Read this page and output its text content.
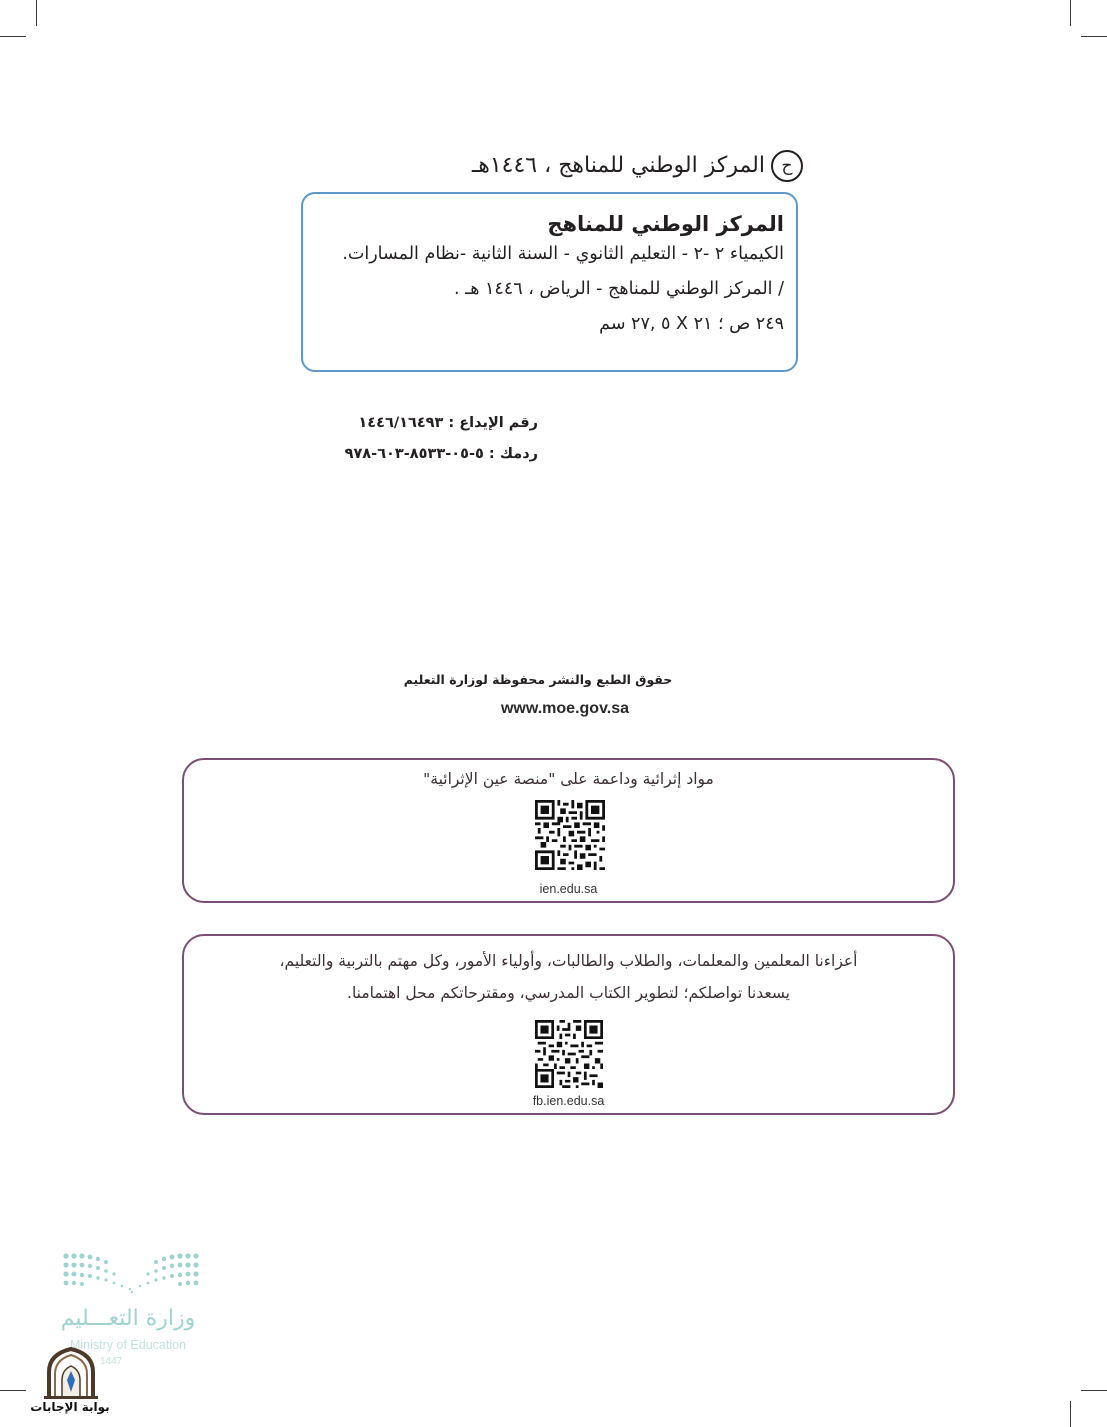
حالمركز الوطني للمناهج ، ١٤٤٦هـ
المركز الوطني للمناهج
الكيمياء ٢ -٢ - التعليم الثانوي - السنة الثانية -نظام المسارات.
/ المركز الوطني للمناهج - الرياض ، ١٤٤٦ هـ .
٢٤٩ ص ؛ ٢١ X ٥ ,٢٧ سم
رقم الإيداع : ١٤٤٦/١٦٤٩٣
ردمك : ٥-٠٥-٨٥٣٣-٦٠٣-٩٧٨
حقوق الطبع والنشر محفوظة لوزارة التعليم
www.moe.gov.sa
مواد إثرائية وداعمة على "منصة عين الإثرائية"
ien.edu.sa
أعزاءنا المعلمين والمعلمات، والطلاب والطالبات، وأولياء الأمور، وكل مهتم بالتربية والتعليم،
يسعدنا تواصلكم؛ لتطوير الكتاب المدرسي، ومقترحاتكم محل اهتمامنا.
fb.ien.edu.sa
وزارة التعـــليم
Ministry of Education
1447
بوابة الإجابات
